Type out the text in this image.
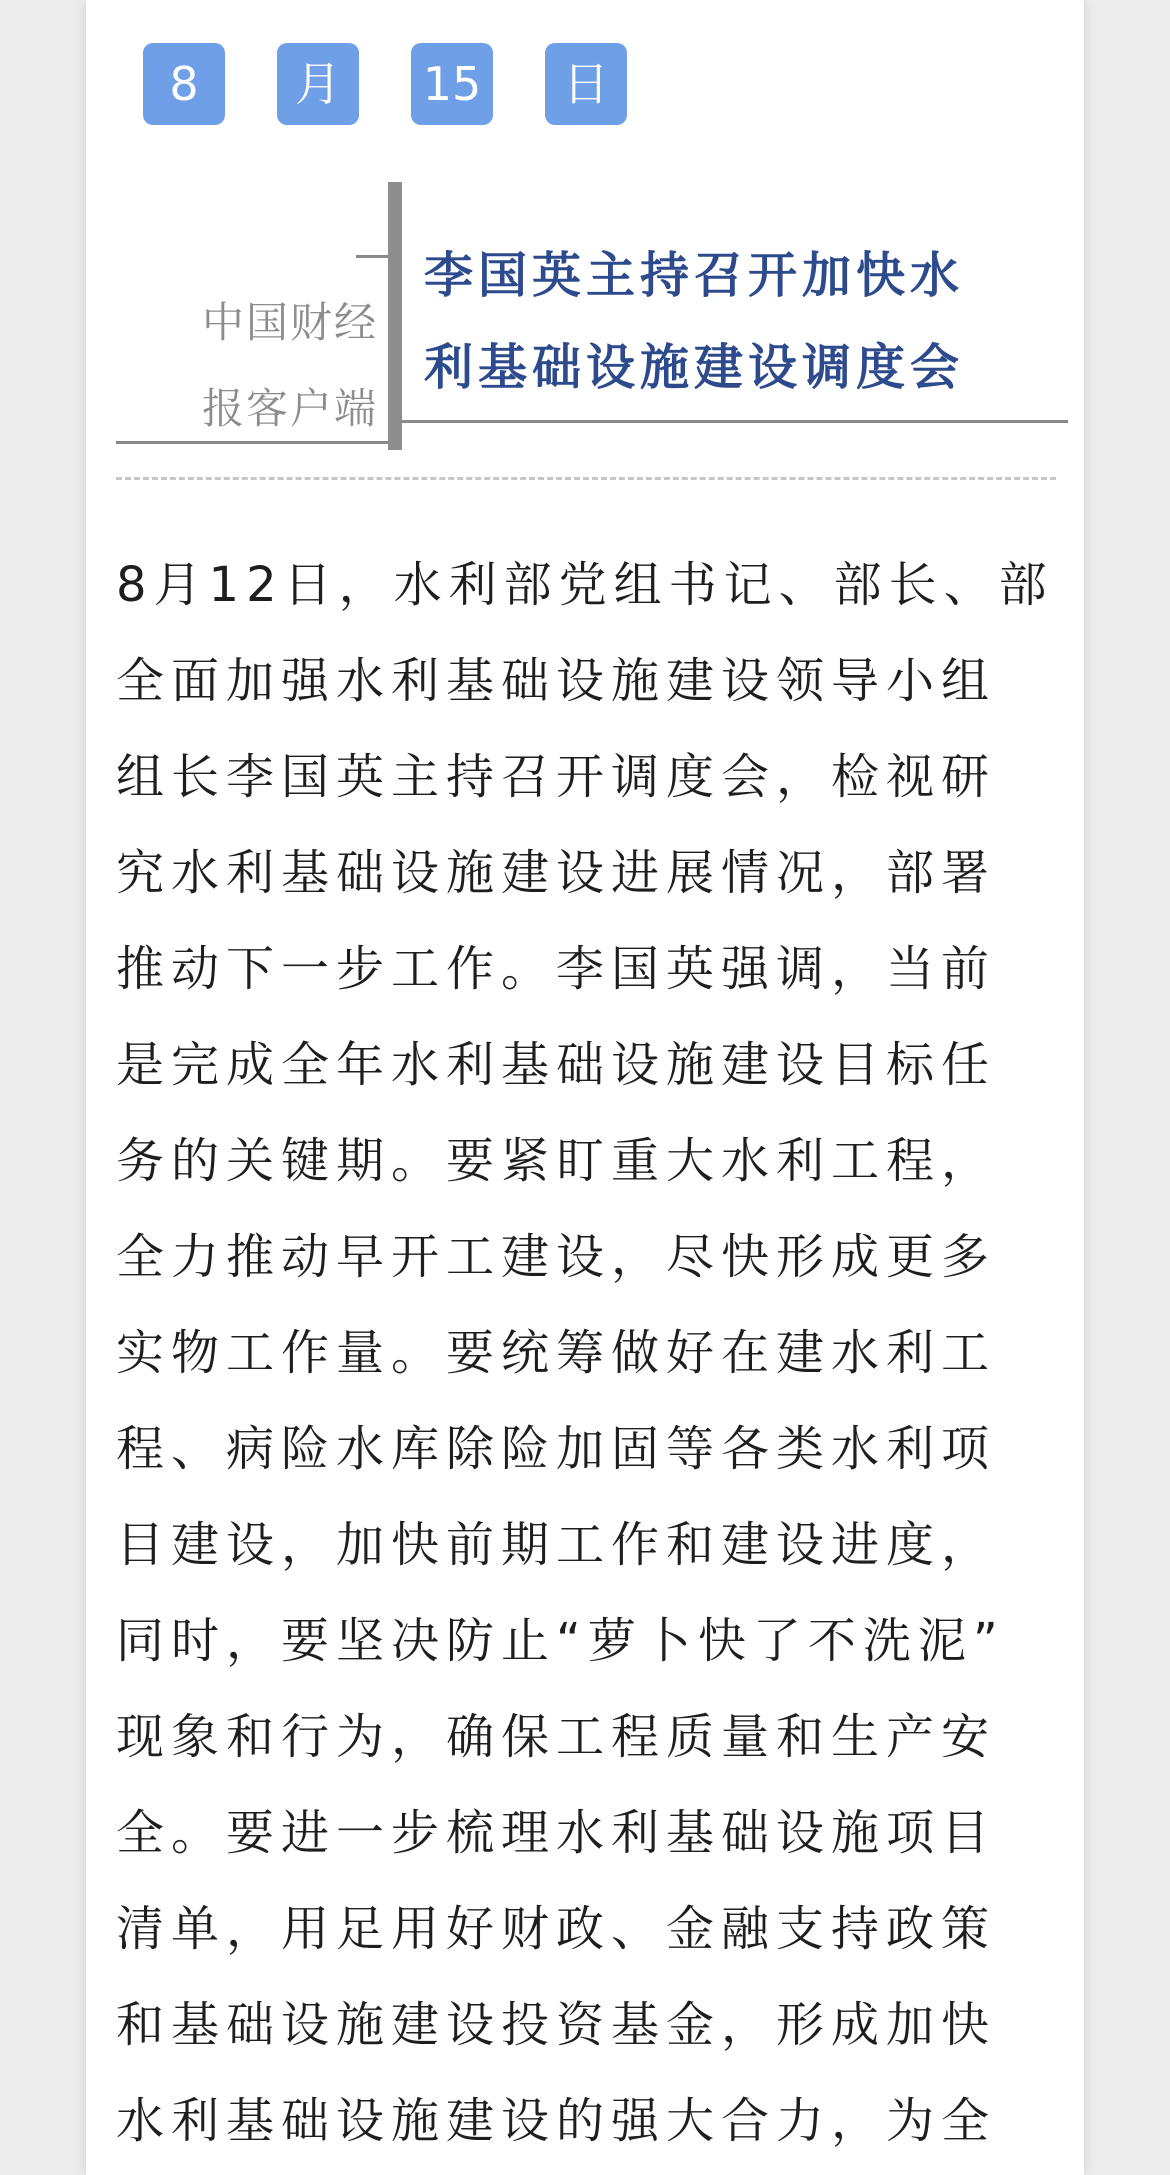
8	月	15	日
中国财经
报客户端
李国英主持召开加快水
利基础设施建设调度会
8月12日，水利部党组书记、部长、部
全面加强水利基础设施建设领导小组
组长李国英主持召开调度会，检视研
究水利基础设施建设进展情况，部署
推动下一步工作。李国英强调，当前
是完成全年水利基础设施建设目标任
务的关键期。要紧盯重大水利工程，
全力推动早开工建设，尽快形成更多
实物工作量。要统筹做好在建水利工
程、病险水库除险加固等各类水利项
目建设，加快前期工作和建设进度，
同时，要坚决防止“萝卜快了不洗泥”
现象和行为，确保工程质量和生产安
全。要进一步梳理水利基础设施项目
清单，用足用好财政、金融支持政策
和基础设施建设投资基金，形成加快
水利基础设施建设的强大合力，为全
